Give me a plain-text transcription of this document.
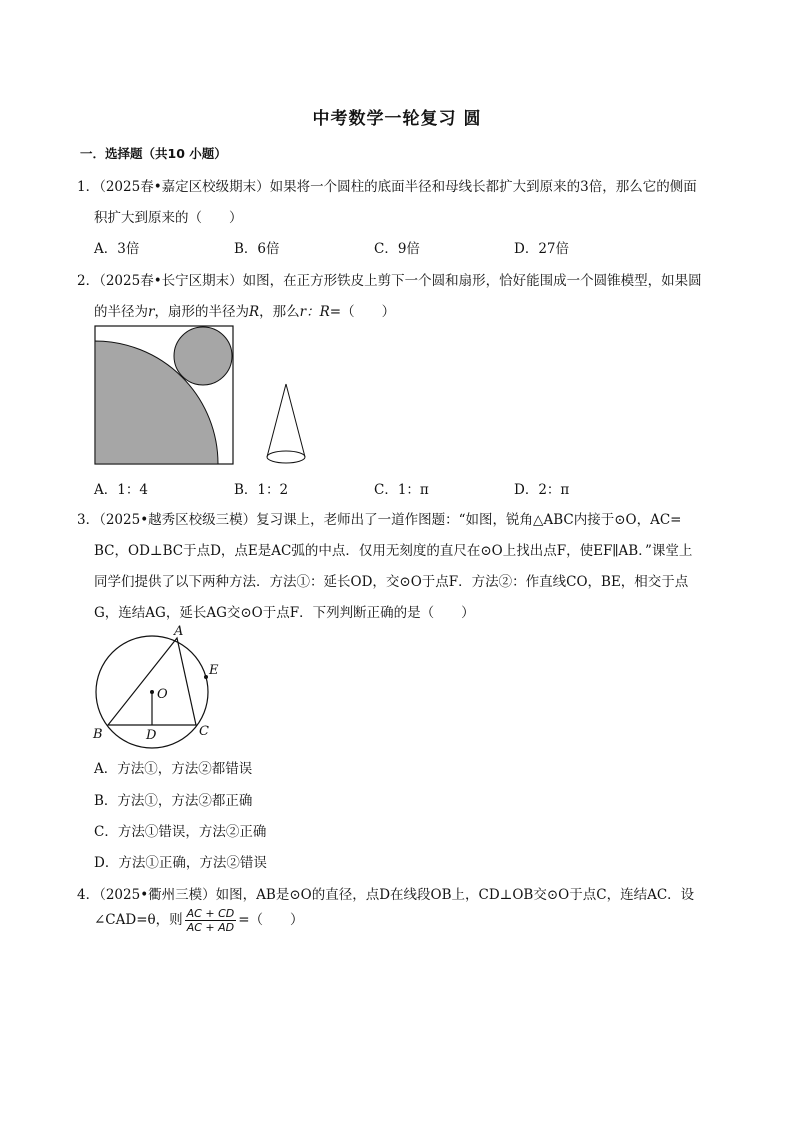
中考数学一轮复习 圆
一．选择题（共10 小题）
1．（2025春•嘉定区校级期末）如果将一个圆柱的底面半径和母线长都扩大到原来的3倍，那么它的侧面
积扩大到原来的（　　）
A．3倍	B．6倍	C．9倍	D．27倍
2．（2025春•长宁区期末）如图，在正方形铁皮上剪下一个圆和扇形，恰好能围成一个圆锥模型，如果圆
的半径为r，扇形的半径为R，那么r：R=（　　）
A．1：4	B．1：2	C．1：π	D．2：π
3．（2025•越秀区校级三模）复习课上，老师出了一道作图题：“如图，锐角△ABC内接于⊙O，AC=
BC，OD⊥BC于点D，点E是AC弧的中点．仅用无刻度的直尺在⊙O上找出点F，使EF∥AB．”课堂上
同学们提供了以下两种方法．方法①：延长OD，交⊙O于点F．方法②：作直线CO，BE，相交于点
G，连结AG，延长AG交⊙O于点F．下列判断正确的是（　　）
A
B	C
D
E
O
A．方法①，方法②都错误
B．方法①，方法②都正确
C．方法①错误，方法②正确
D．方法①正确，方法②错误
4．（2025•衢州三模）如图，AB是⊙O的直径，点D在线段OB上，CD⊥OB交⊙O于点C，连结AC．设
∠CAD=θ，则 $\frac{AC + CD}{AC + AD}$ =（　　）
